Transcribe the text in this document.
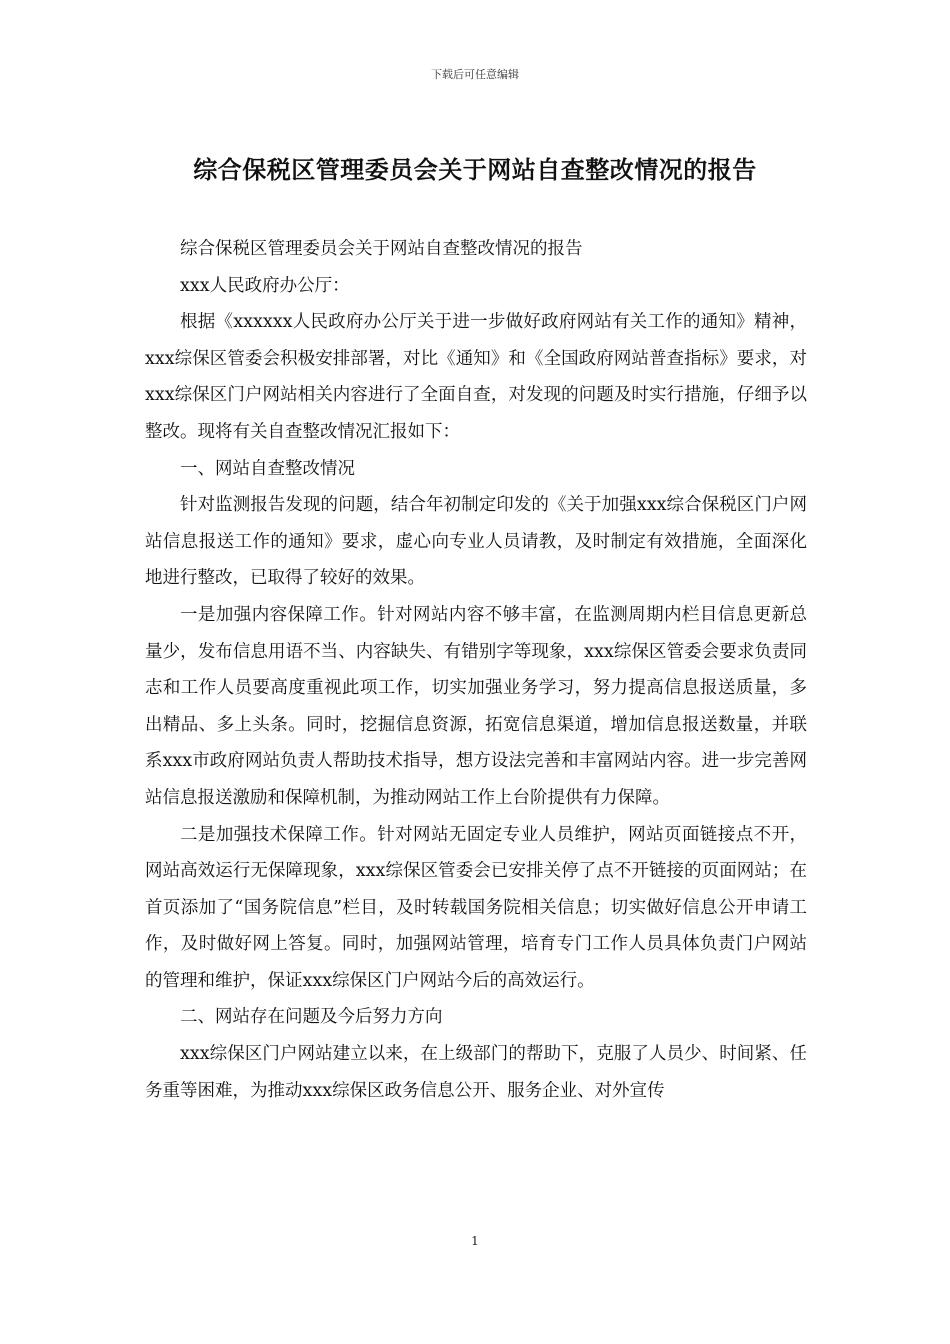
下载后可任意编辑
综合保税区管理委员会关于网站自查整改情况的报告

综合保税区管理委员会关于网站自查整改情况的报告

xxx人民政府办公厅：

根据《xxxxxx人民政府办公厅关于进一步做好政府网站有关工作的通知》精神，xxx综保区管委会积极安排部署，对比《通知》和《全国政府网站普查指标》要求，对xxx综保区门户网站相关内容进行了全面自查，对发现的问题及时实行措施，仔细予以整改。现将有关自查整改情况汇报如下：

一、网站自查整改情况

针对监测报告发现的问题，结合年初制定印发的《关于加强xxx综合保税区门户网站信息报送工作的通知》要求，虚心向专业人员请教，及时制定有效措施，全面深化地进行整改，已取得了较好的效果。

一是加强内容保障工作。针对网站内容不够丰富，在监测周期内栏目信息更新总量少，发布信息用语不当、内容缺失、有错别字等现象，xxx综保区管委会要求负责同志和工作人员要高度重视此项工作，切实加强业务学习，努力提高信息报送质量，多出精品、多上头条。同时，挖掘信息资源，拓宽信息渠道，增加信息报送数量，并联系xxx市政府网站负责人帮助技术指导，想方设法完善和丰富网站内容。进一步完善网站信息报送激励和保障机制，为推动网站工作上台阶提供有力保障。

二是加强技术保障工作。针对网站无固定专业人员维护，网站页面链接点不开，网站高效运行无保障现象，xxx综保区管委会已安排关停了点不开链接的页面网站；在首页添加了“国务院信息”栏目，及时转载国务院相关信息；切实做好信息公开申请工作，及时做好网上答复。同时，加强网站管理，培育专门工作人员具体负责门户网站的管理和维护，保证xxx综保区门户网站今后的高效运行。

二、网站存在问题及今后努力方向

xxx综保区门户网站建立以来，在上级部门的帮助下，克服了人员少、时间紧、任务重等困难，为推动xxx综保区政务信息公开、服务企业、对外宣传

1
